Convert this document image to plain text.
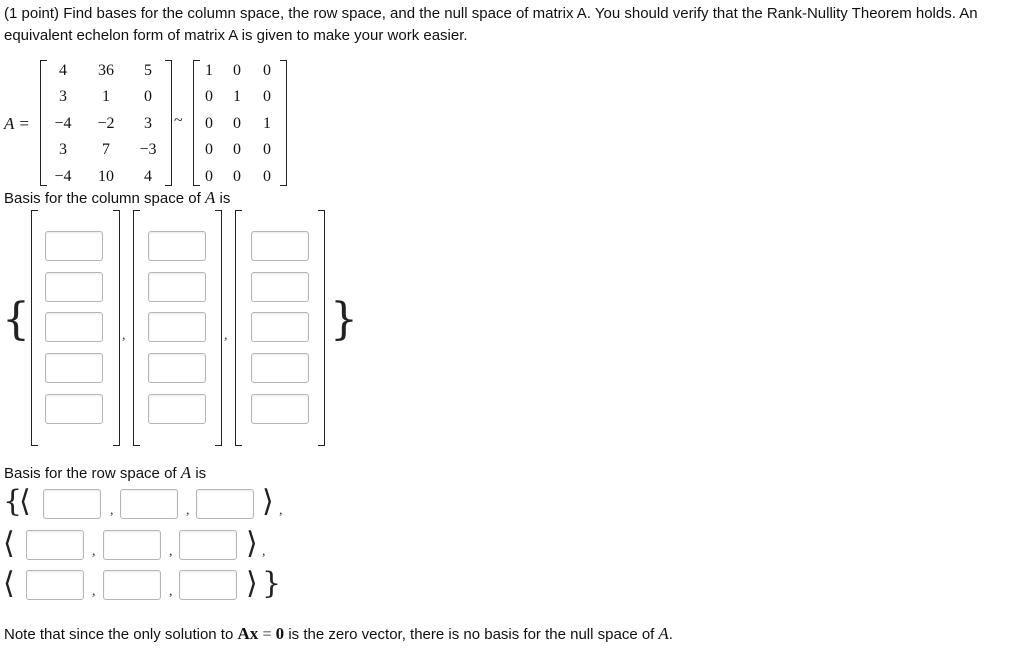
(1 point) Find bases for the column space, the row space, and the null space of matrix A. You should verify that the Rank-Nullity Theorem holds. An
equivalent echelon form of matrix A is given to make your work easier.
A =
4	36	5
3	1	0
−4	−2	3
3	7	−3
−4	10	4
~
1	0	0
0	1	0
0	0	1
0	0	0
0	0	0
Basis for the column space of A is
{	}
,	,
Basis for the row space of A is
{
⟨	,	, ⟩ ,
⟨	,	, ⟩ ,
⟨	,	, ⟩ }
Note that since the only solution to Ax = 0 is the zero vector, there is no basis for the null space of A.
